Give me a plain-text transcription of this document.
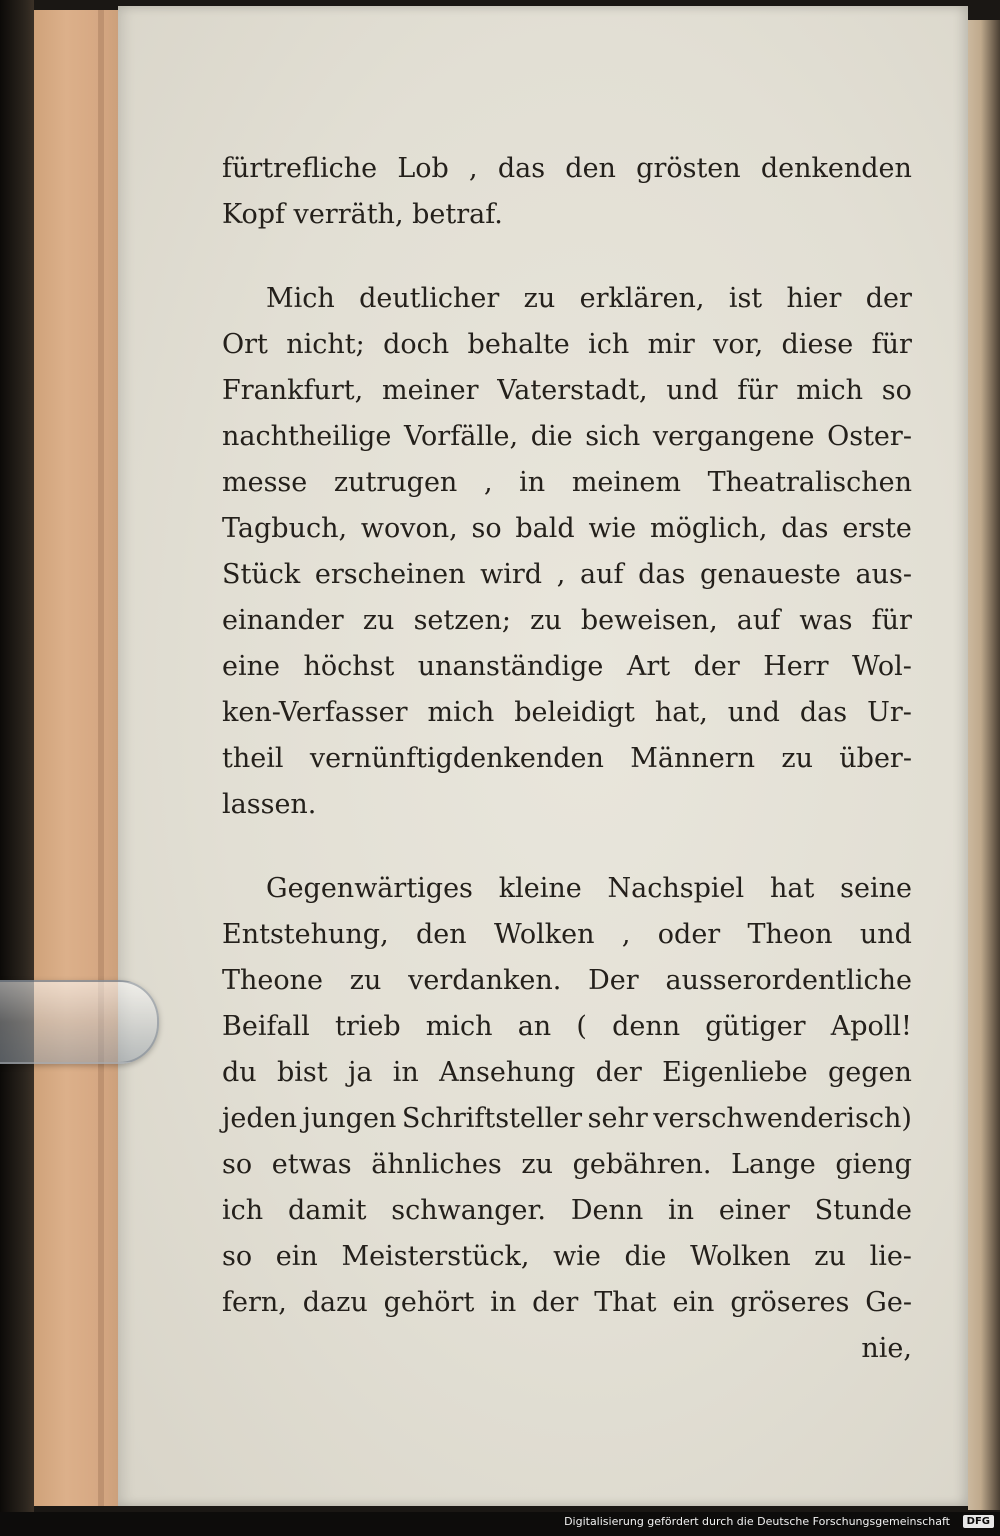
fürtrefliche Lob , das den grösten denkenden
Kopf verräth, betraf.
Mich deutlicher zu erklären, ist hier der
Ort nicht; doch behalte ich mir vor, diese für
Frankfurt, meiner Vaterstadt, und für mich so
nachtheilige Vorfälle, die sich vergangene Oster-
messe zutrugen , in meinem Theatralischen
Tagbuch, wovon, so bald wie möglich, das erste
Stück erscheinen wird , auf das genaueste aus-
einander zu setzen; zu beweisen, auf was für
eine höchst unanständige Art der Herr Wol-
ken-Verfasser mich beleidigt hat, und das Ur-
theil vernünftigdenkenden Männern zu über-
lassen.
Gegenwärtiges kleine Nachspiel hat seine
Entstehung, den Wolken , oder Theon und
Theone zu verdanken. Der ausserordentliche
Beifall trieb mich an ( denn gütiger Apoll!
du bist ja in Ansehung der Eigenliebe gegen
jeden jungen Schriftsteller sehr verschwenderisch)
so etwas ähnliches zu gebähren. Lange gieng
ich damit schwanger. Denn in einer Stunde
so ein Meisterstück, wie die Wolken zu lie-
fern, dazu gehört in der That ein gröseres Ge-
nie,
Digitalisierung gefördert durch die Deutsche Forschungsgemeinschaft	DFG
